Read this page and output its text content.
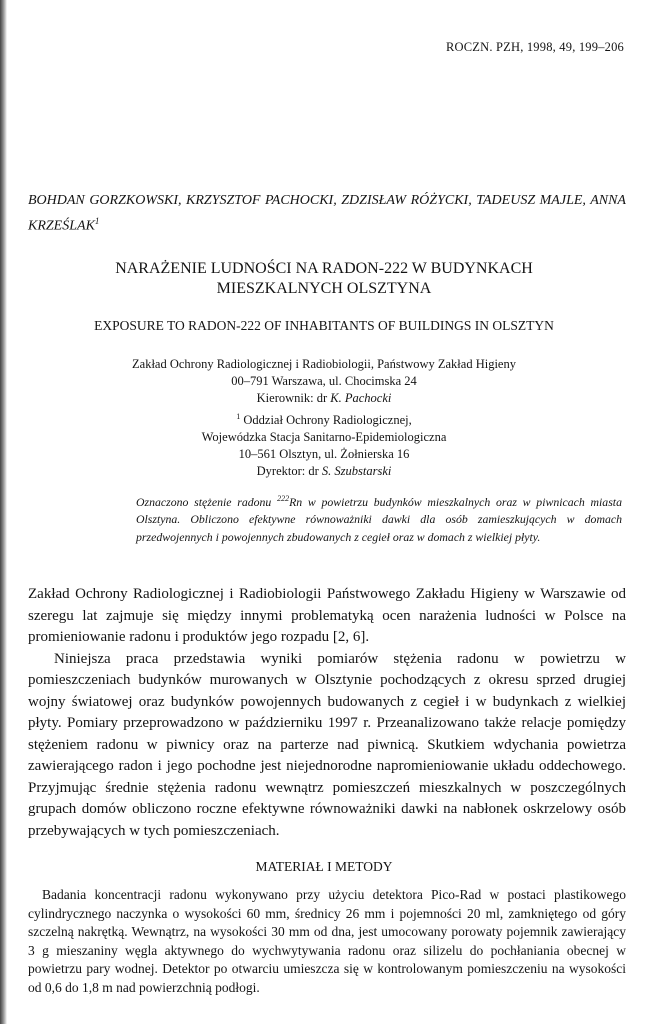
ROCZN. PZH, 1998, 49, 199–206
BOHDAN GORZKOWSKI, KRZYSZTOF PACHOCKI, ZDZISŁAW RÓŻYCKI, TADEUSZ MAJLE, ANNA KRZEŚLAK$^1$
NARAŻENIE LUDNOŚCI NA RADON-222 W BUDYNKACH
MIESZKALNYCH OLSZTYNA
EXPOSURE TO RADON-222 OF INHABITANTS OF BUILDINGS IN OLSZTYN
Zakład Ochrony Radiologicznej i Radiobiologii, Państwowy Zakład Higieny
00–791 Warszawa, ul. Chocimska 24
Kierownik: dr K. Pachocki
$^1$ Oddział Ochrony Radiologicznej,
Wojewódzka Stacja Sanitarno-Epidemiologiczna
10–561 Olsztyn, ul. Żołnierska 16
Dyrektor: dr S. Szubstarski
Oznaczono stężenie radonu $^{222}$Rn w powietrzu budynków mieszkalnych oraz w piwnicach miasta Olsztyna. Obliczono efektywne równoważniki dawki dla osób zamieszkujących w domach przedwojennych i powojennych zbudowanych z cegieł oraz w domach z wielkiej płyty.

Zakład Ochrony Radiologicznej i Radiobiologii Państwowego Zakładu Higieny w Warszawie od szeregu lat zajmuje się między innymi problematyką ocen narażenia ludności w Polsce na promieniowanie radonu i produktów jego rozpadu [2, 6].

Niniejsza praca przedstawia wyniki pomiarów stężenia radonu w powietrzu w pomieszczeniach budynków murowanych w Olsztynie pochodzących z okresu sprzed drugiej wojny światowej oraz budynków powojennych budowanych z cegieł i w budynkach z wielkiej płyty. Pomiary przeprowadzono w październiku 1997 r. Przeanalizowano także relacje pomiędzy stężeniem radonu w piwnicy oraz na parterze nad piwnicą. Skutkiem wdychania powietrza zawierającego radon i jego pochodne jest niejednorodne napromieniowanie układu oddechowego. Przyjmując średnie stężenia radonu wewnątrz pomieszczeń mieszkalnych w poszczególnych grupach domów obliczono roczne efektywne równoważniki dawki na nabłonek oskrzelowy osób przebywających w tych pomieszczeniach.

MATERIAŁ I METODY
Badania koncentracji radonu wykonywano przy użyciu detektora Pico-Rad w postaci plastikowego cylindrycznego naczynka o wysokości 60 mm, średnicy 26 mm i pojemności 20 ml, zamkniętego od góry szczelną nakrętką. Wewnątrz, na wysokości 30 mm od dna, jest umocowany porowaty pojemnik zawierający 3 g mieszaniny węgla aktywnego do wychwytywania radonu oraz silizelu do pochłaniania obecnej w powietrzu pary wodnej. Detektor po otwarciu umieszcza się w kontrolowanym pomieszczeniu na wysokości od 0,6 do 1,8 m nad powierzchnią podłogi.
